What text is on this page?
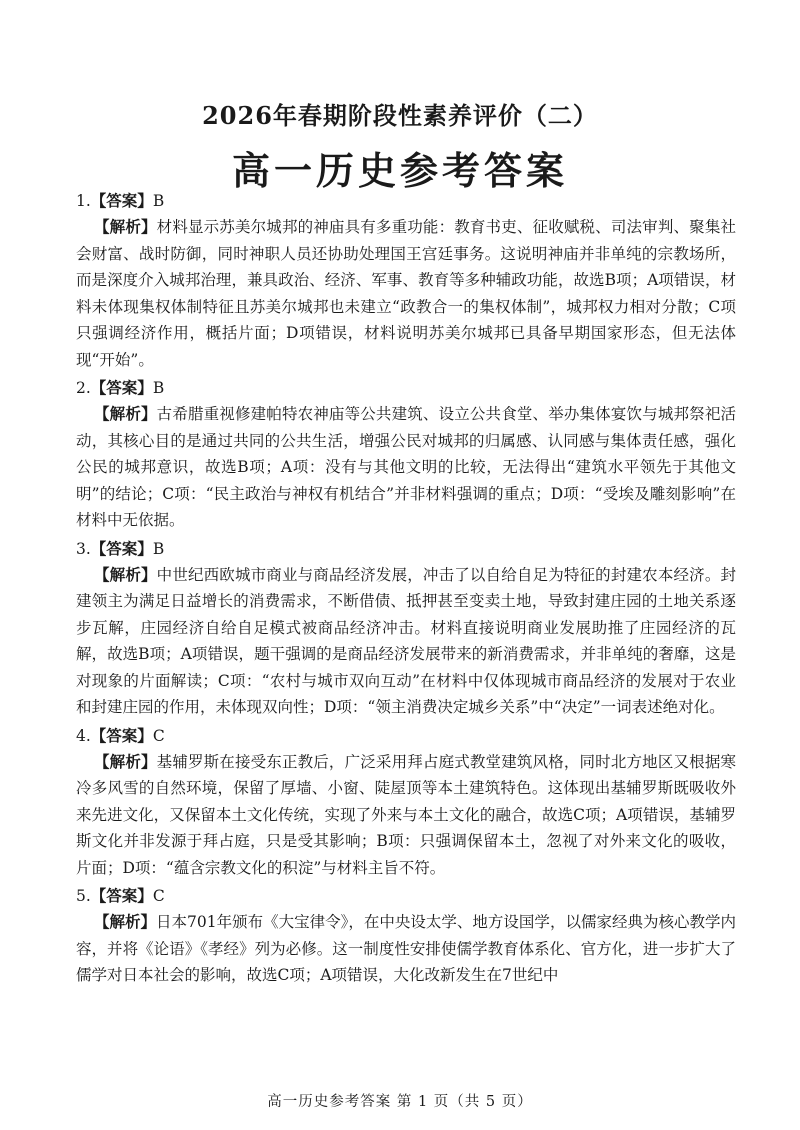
2026年春期阶段性素养评价（二）
高一历史参考答案
1.【答案】B
【解析】材料显示苏美尔城邦的神庙具有多重功能：教育书吏、征收赋税、司法审判、聚集社会财富、战时防御，同时神职人员还协助处理国王宫廷事务。这说明神庙并非单纯的宗教场所，而是深度介入城邦治理，兼具政治、经济、军事、教育等多种辅政功能，故选B项；A项错误，材料未体现集权体制特征且苏美尔城邦也未建立“政教合一的集权体制”，城邦权力相对分散；C项只强调经济作用，概括片面；D项错误，材料说明苏美尔城邦已具备早期国家形态，但无法体现“开始”。
2.【答案】B
【解析】古希腊重视修建帕特农神庙等公共建筑、设立公共食堂、举办集体宴饮与城邦祭祀活动，其核心目的是通过共同的公共生活，增强公民对城邦的归属感、认同感与集体责任感，强化公民的城邦意识，故选B项；A项：没有与其他文明的比较，无法得出“建筑水平领先于其他文明”的结论；C项：“民主政治与神权有机结合”并非材料强调的重点；D项：“受埃及雕刻影响”在材料中无依据。
3.【答案】B
【解析】中世纪西欧城市商业与商品经济发展，冲击了以自给自足为特征的封建农本经济。封建领主为满足日益增长的消费需求，不断借债、抵押甚至变卖土地，导致封建庄园的土地关系逐步瓦解，庄园经济自给自足模式被商品经济冲击。材料直接说明商业发展助推了庄园经济的瓦解，故选B项；A项错误，题干强调的是商品经济发展带来的新消费需求，并非单纯的奢靡，这是对现象的片面解读；C项：“农村与城市双向互动”在材料中仅体现城市商品经济的发展对于农业和封建庄园的作用，未体现双向性；D项：“领主消费决定城乡关系”中“决定”一词表述绝对化。
4.【答案】C
【解析】基辅罗斯在接受东正教后，广泛采用拜占庭式教堂建筑风格，同时北方地区又根据寒冷多风雪的自然环境，保留了厚墙、小窗、陡屋顶等本土建筑特色。这体现出基辅罗斯既吸收外来先进文化，又保留本土文化传统，实现了外来与本土文化的融合，故选C项；A项错误，基辅罗斯文化并非发源于拜占庭，只是受其影响；B项：只强调保留本土，忽视了对外来文化的吸收，片面；D项：“蕴含宗教文化的积淀”与材料主旨不符。
5.【答案】C
【解析】日本701年颁布《大宝律令》，在中央设太学、地方设国学，以儒家经典为核心教学内容，并将《论语》《孝经》列为必修。这一制度性安排使儒学教育体系化、官方化，进一步扩大了儒学对日本社会的影响，故选C项；A项错误，大化改新发生在7世纪中
高一历史参考答案 第 1 页（共 5 页）
